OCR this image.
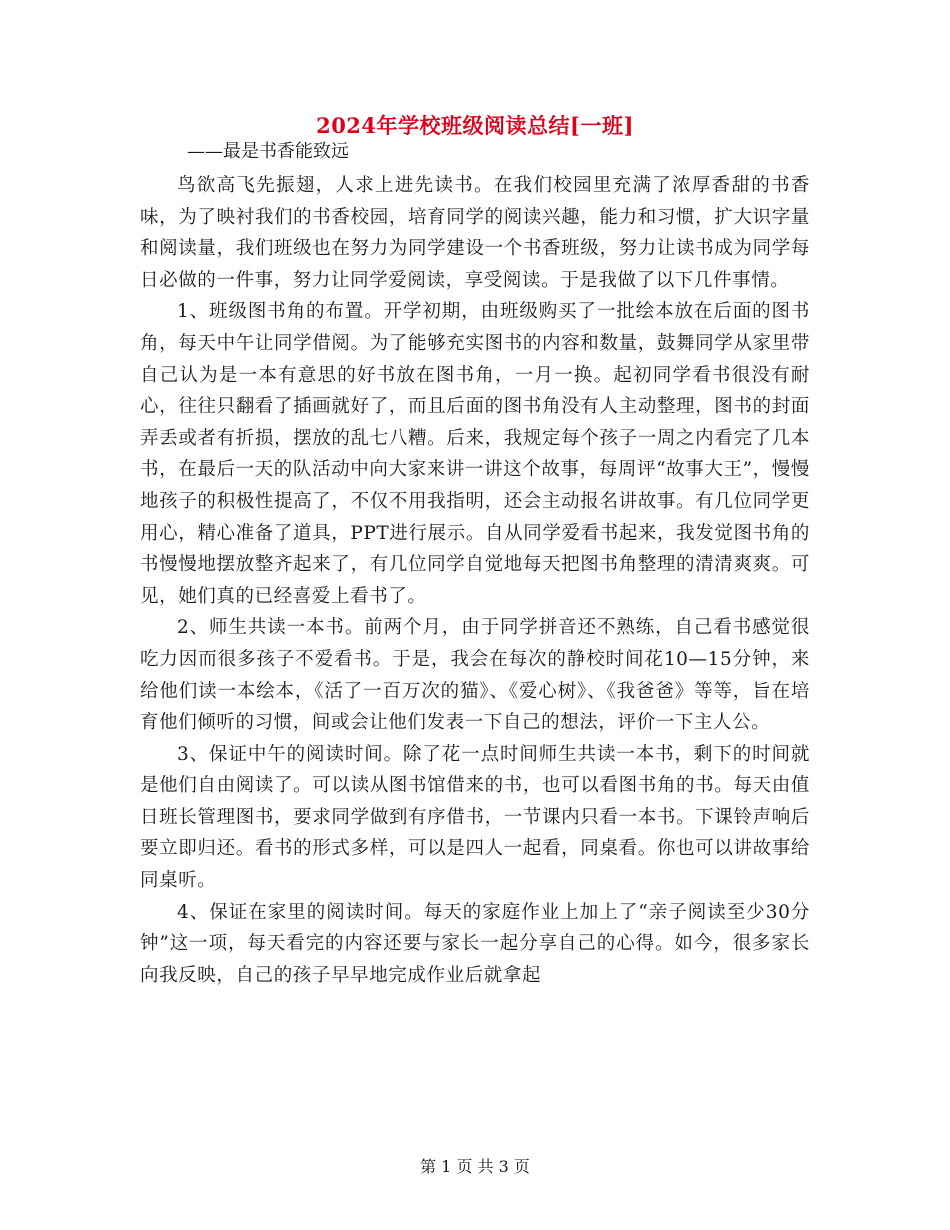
2024年学校班级阅读总结[一班]
——最是书香能致远

鸟欲高飞先振翅，人求上进先读书。在我们校园里充满了浓厚香甜的书香味，为了映衬我们的书香校园，培育同学的阅读兴趣，能力和习惯，扩大识字量和阅读量，我们班级也在努力为同学建设一个书香班级，努力让读书成为同学每日必做的一件事，努力让同学爱阅读，享受阅读。于是我做了以下几件事情。

1、班级图书角的布置。开学初期，由班级购买了一批绘本放在后面的图书角，每天中午让同学借阅。为了能够充实图书的内容和数量，鼓舞同学从家里带自己认为是一本有意思的好书放在图书角，一月一换。起初同学看书很没有耐心，往往只翻看了插画就好了，而且后面的图书角没有人主动整理，图书的封面弄丢或者有折损，摆放的乱七八糟。后来，我规定每个孩子一周之内看完了几本书，在最后一天的队活动中向大家来讲一讲这个故事，每周评“故事大王”，慢慢地孩子的积极性提高了，不仅不用我指明，还会主动报名讲故事。有几位同学更用心，精心准备了道具，PPT进行展示。自从同学爱看书起来，我发觉图书角的书慢慢地摆放整齐起来了，有几位同学自觉地每天把图书角整理的清清爽爽。可见，她们真的已经喜爱上看书了。

2、师生共读一本书。前两个月，由于同学拼音还不熟练，自己看书感觉很吃力因而很多孩子不爱看书。于是，我会在每次的静校时间花10—15分钟，来给他们读一本绘本，《活了一百万次的猫》、《爱心树》、《我爸爸》等等，旨在培育他们倾听的习惯，间或会让他们发表一下自己的想法，评价一下主人公。

3、保证中午的阅读时间。除了花一点时间师生共读一本书，剩下的时间就是他们自由阅读了。可以读从图书馆借来的书，也可以看图书角的书。每天由值日班长管理图书，要求同学做到有序借书，一节课内只看一本书。下课铃声响后要立即归还。看书的形式多样，可以是四人一起看，同桌看。你也可以讲故事给同桌听。

4、保证在家里的阅读时间。每天的家庭作业上加上了“亲子阅读至少30分钟”这一项，每天看完的内容还要与家长一起分享自己的心得。如今，很多家长向我反映，自己的孩子早早地完成作业后就拿起

第 1 页 共 3 页
